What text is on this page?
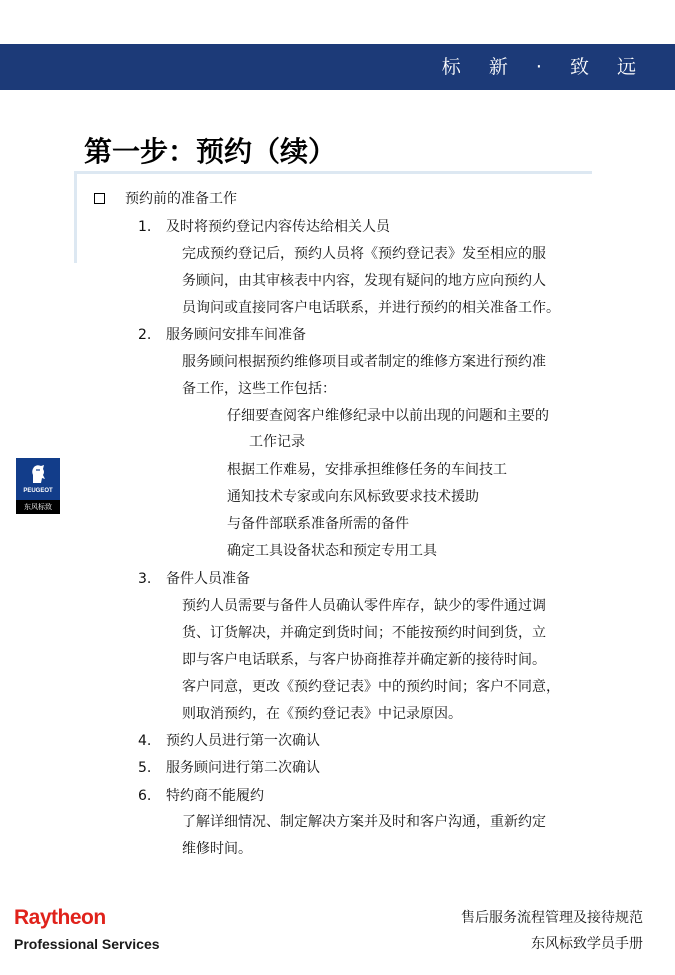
标 新 · 致 远
第一步：预约（续）
预约前的准备工作
1. 及时将预约登记内容传达给相关人员
完成预约登记后，预约人员将《预约登记表》发至相应的服
务顾问，由其审核表中内容，发现有疑问的地方应向预约人
员询问或直接同客户电话联系，并进行预约的相关准备工作。
2. 服务顾问安排车间准备
服务顾问根据预约维修项目或者制定的维修方案进行预约准
备工作，这些工作包括：
仔细要查阅客户维修纪录中以前出现的问题和主要的
工作记录
根据工作难易，安排承担维修任务的车间技工
通知技术专家或向东风标致要求技术援助
与备件部联系准备所需的备件
确定工具设备状态和预定专用工具
3. 备件人员准备
预约人员需要与备件人员确认零件库存，缺少的零件通过调
货、订货解决，并确定到货时间；不能按预约时间到货，立
即与客户电话联系，与客户协商推荐并确定新的接待时间。
客户同意，更改《预约登记表》中的预约时间；客户不同意，
则取消预约，在《预约登记表》中记录原因。
4. 预约人员进行第一次确认
5. 服务顾问进行第二次确认
6. 特约商不能履约
了解详细情况、制定解决方案并及时和客户沟通，重新约定
维修时间。
PEUGEOT
东风标致
Raytheon
Professional Services
售后服务流程管理及接待规范
东风标致学员手册
